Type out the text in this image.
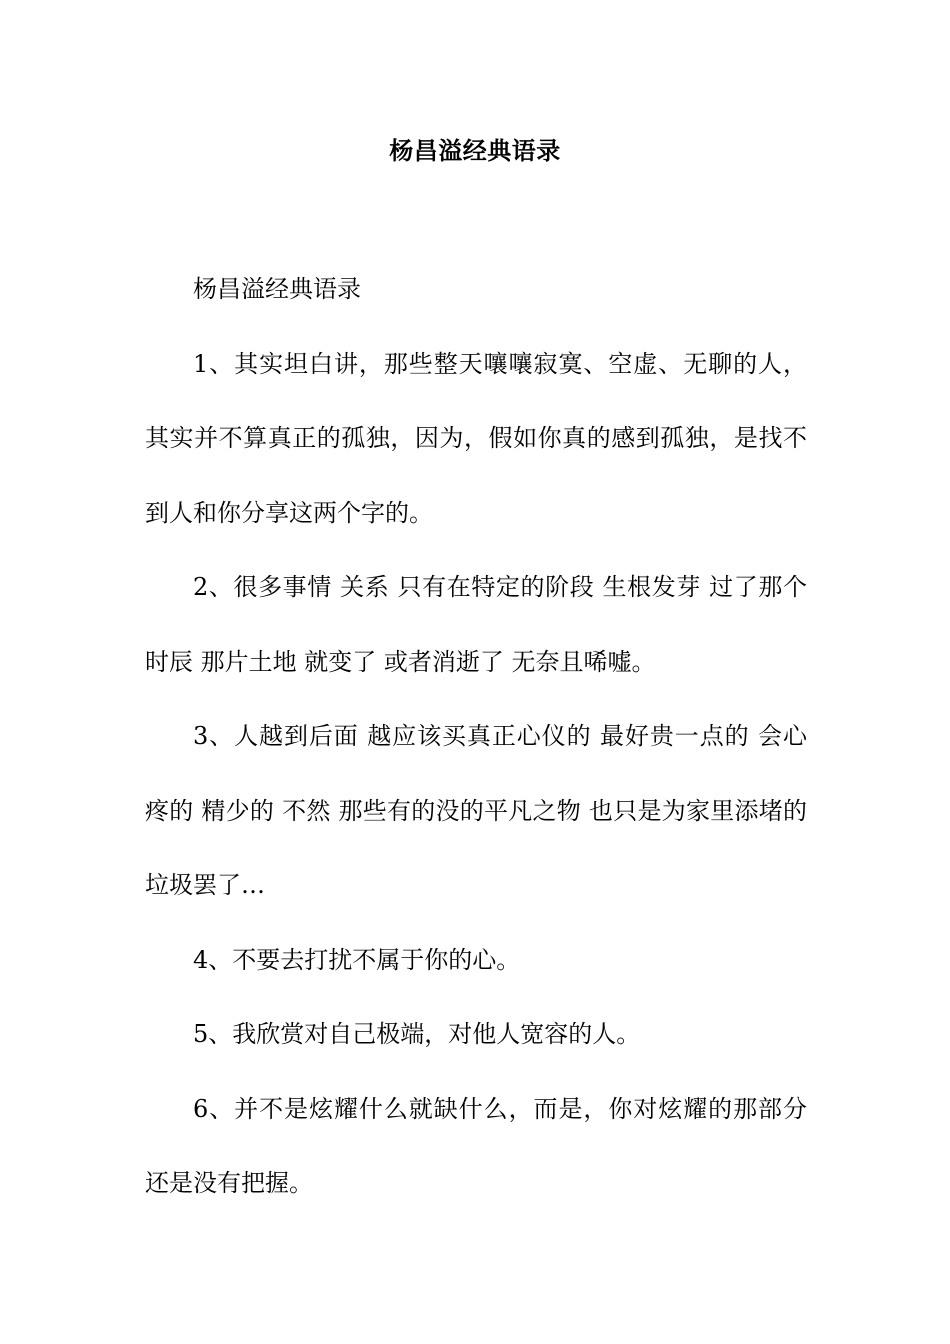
杨昌溢经典语录

杨昌溢经典语录

1、其实坦白讲，那些整天嚷嚷寂寞、空虚、无聊的人，其实并不算真正的孤独，因为，假如你真的感到孤独，是找不到人和你分享这两个字的。

2、很多事情 关系 只有在特定的阶段 生根发芽 过了那个时辰 那片土地 就变了 或者消逝了 无奈且唏嘘。

3、人越到后面 越应该买真正心仪的 最好贵一点的 会心疼的 精少的 不然 那些有的没的平凡之物 也只是为家里添堵的垃圾罢了…

4、不要去打扰不属于你的心。

5、我欣赏对自己极端，对他人宽容的人。

6、并不是炫耀什么就缺什么，而是，你对炫耀的那部分还是没有把握。
